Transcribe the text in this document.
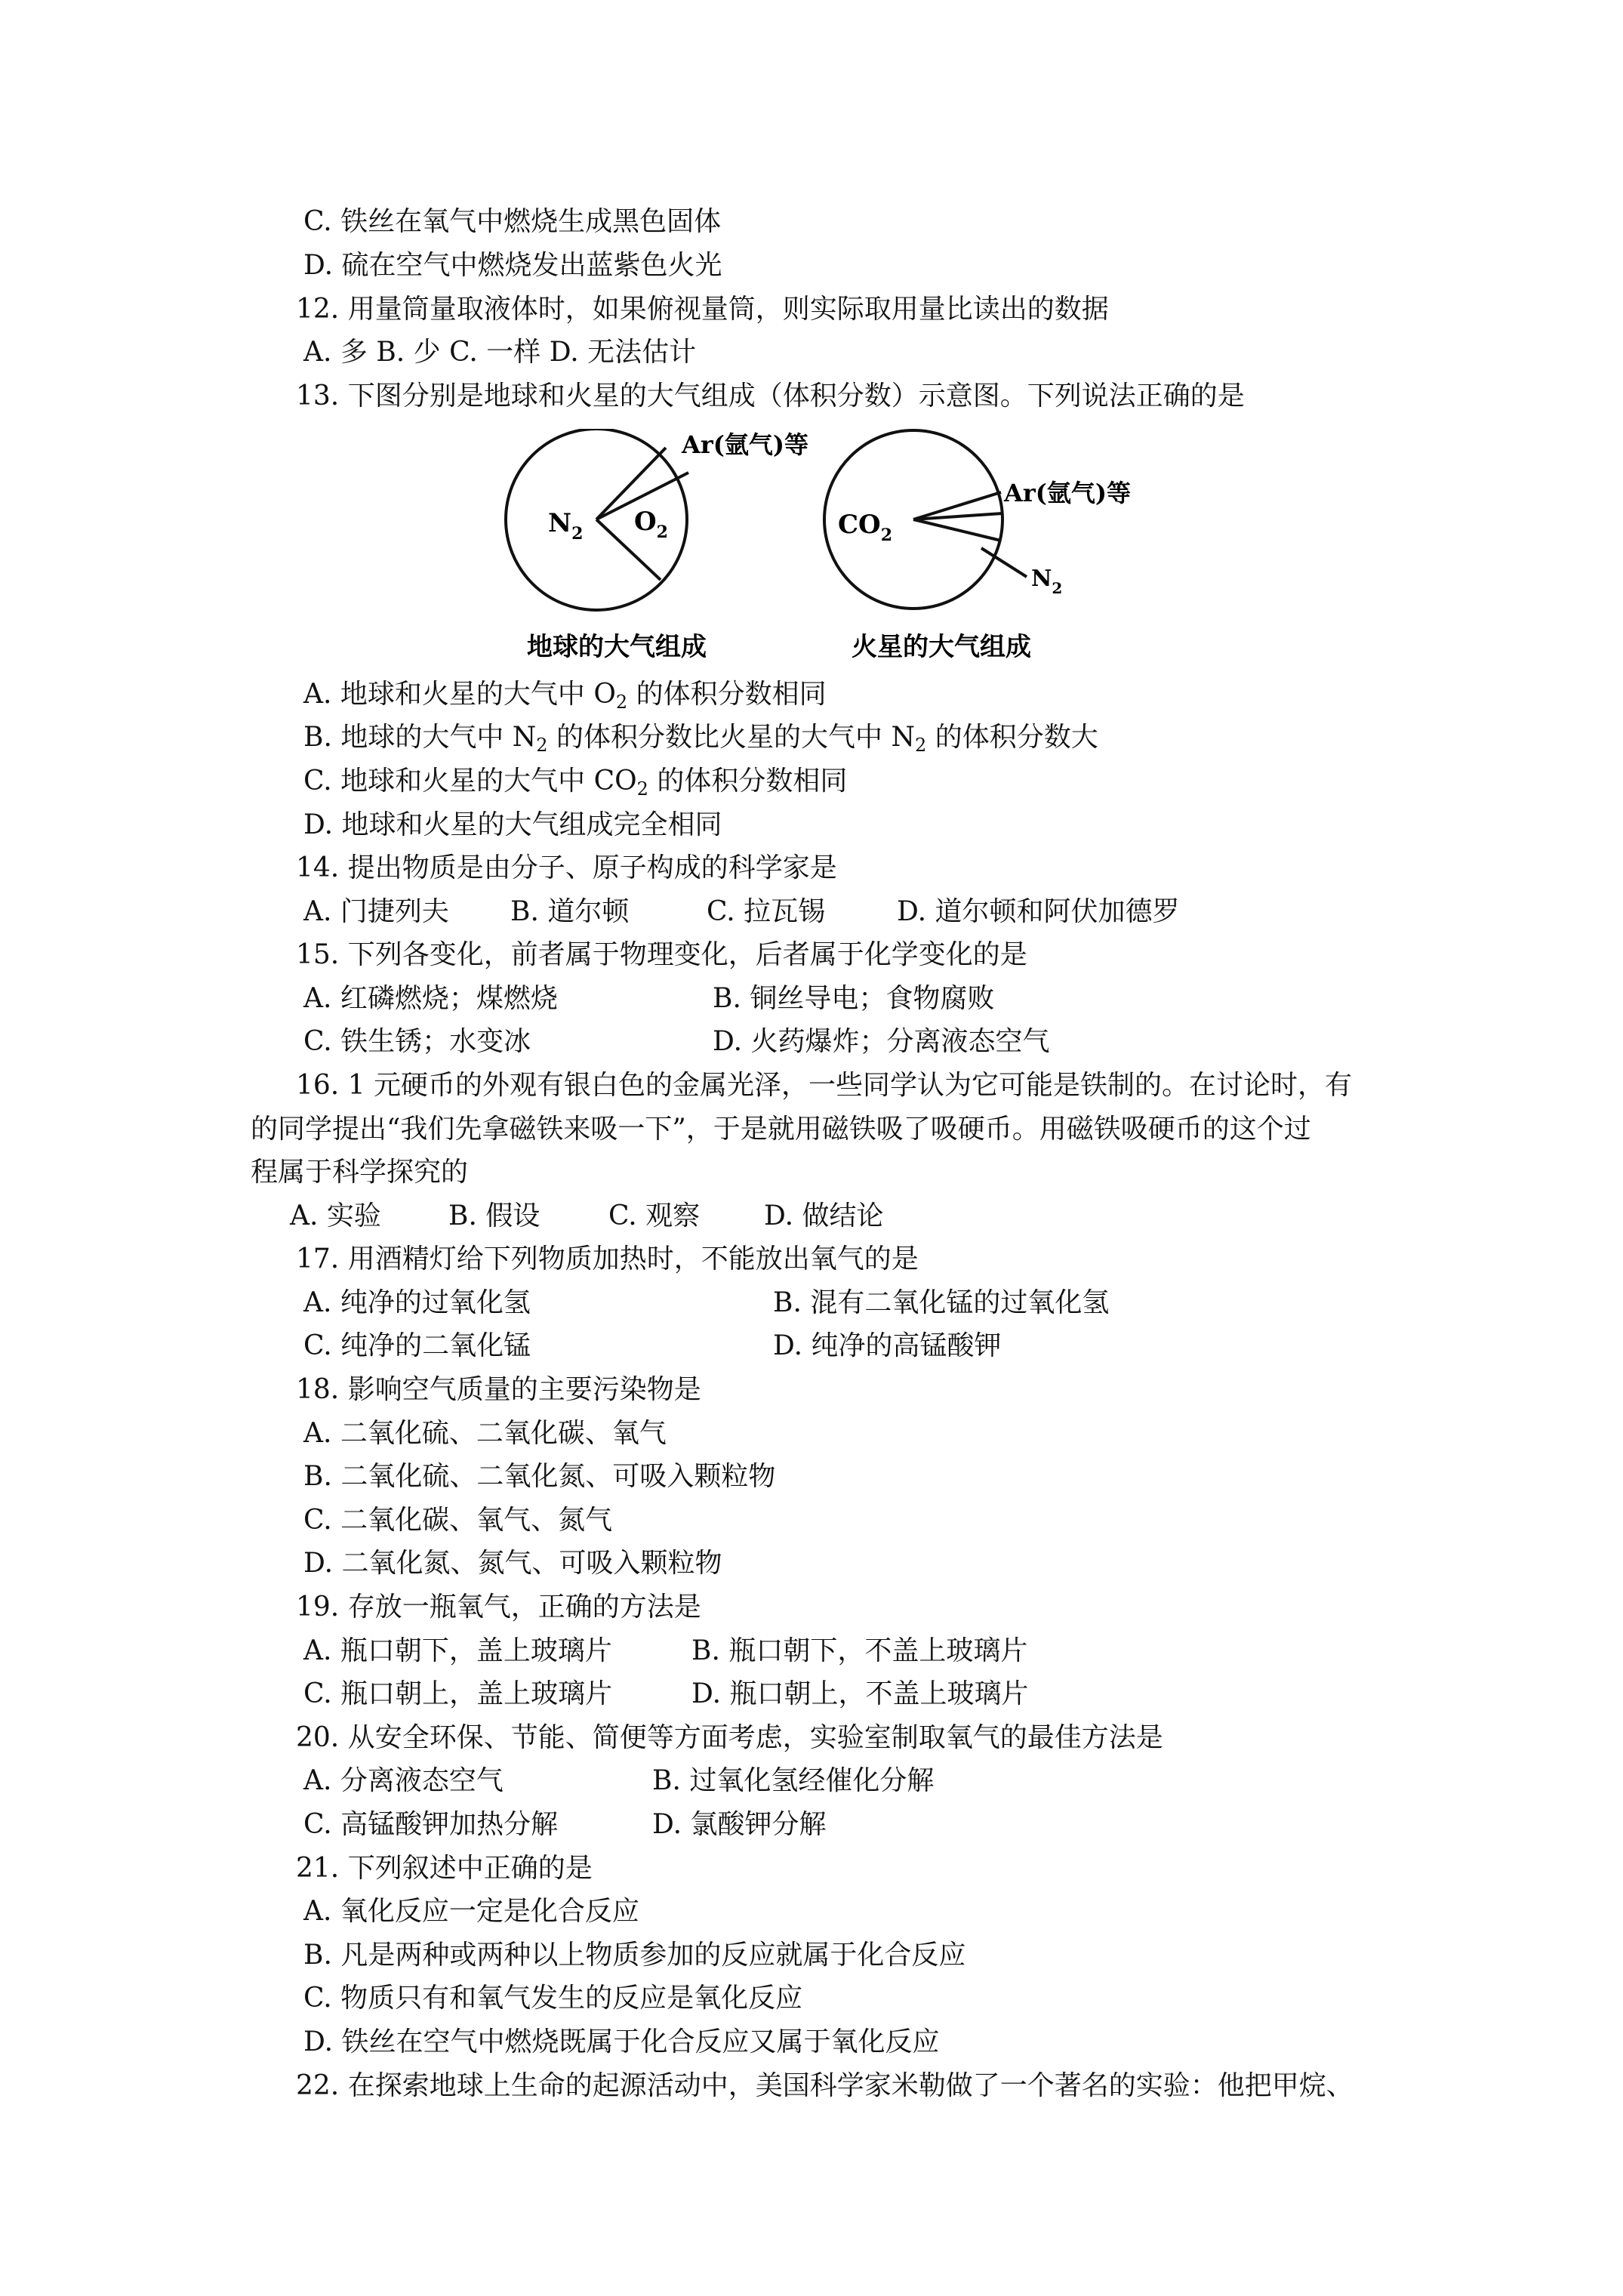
C. 铁丝在氧气中燃烧生成黑色固体
D. 硫在空气中燃烧发出蓝紫色火光
12. 用量筒量取液体时，如果俯视量筒，则实际取用量比读出的数据
A. 多 B. 少 C. 一样 D. 无法估计
13. 下图分别是地球和火星的大气组成（体积分数）示意图。下列说法正确的是
$N_2$ $O_2$
Ar(氩气)等
地球的大气组成
$CO_2$
Ar(氩气)等
$N_2$
火星的大气组成
A. 地球和火星的大气中 $O_2$ 的体积分数相同
B. 地球的大气中 $N_2$ 的体积分数比火星的大气中 $N_2$ 的体积分数大
C. 地球和火星的大气中 $CO_2$ 的体积分数相同
D. 地球和火星的大气组成完全相同
14. 提出物质是由分子、原子构成的科学家是
A. 门捷列夫 B. 道尔顿	C. 拉瓦锡	D. 道尔顿和阿伏加德罗
15. 下列各变化，前者属于物理变化，后者属于化学变化的是
A. 红磷燃烧；煤燃烧	B. 铜丝导电；食物腐败
C. 铁生锈；水变冰	D. 火药爆炸；分离液态空气
16. 1 元硬币的外观有银白色的金属光泽，一些同学认为它可能是铁制的。在讨论时，有
的同学提出“我们先拿磁铁来吸一下”，于是就用磁铁吸了吸硬币。用磁铁吸硬币的这个过
程属于科学探究的
A. 实验 B. 假设	C. 观察 D. 做结论
17. 用酒精灯给下列物质加热时，不能放出氧气的是
A. 纯净的过氧化氢	B. 混有二氧化锰的过氧化氢
C. 纯净的二氧化锰	D. 纯净的高锰酸钾
18. 影响空气质量的主要污染物是
A. 二氧化硫、二氧化碳、氧气
B. 二氧化硫、二氧化氮、可吸入颗粒物
C. 二氧化碳、氧气、氮气
D. 二氧化氮、氮气、可吸入颗粒物
19. 存放一瓶氧气，正确的方法是
A. 瓶口朝下，盖上玻璃片	B. 瓶口朝下，不盖上玻璃片
C. 瓶口朝上，盖上玻璃片	D. 瓶口朝上，不盖上玻璃片
20. 从安全环保、节能、简便等方面考虑，实验室制取氧气的最佳方法是
A. 分离液态空气	B. 过氧化氢经催化分解
C. 高锰酸钾加热分解	D. 氯酸钾分解
21. 下列叙述中正确的是
A. 氧化反应一定是化合反应
B. 凡是两种或两种以上物质参加的反应就属于化合反应
C. 物质只有和氧气发生的反应是氧化反应
D. 铁丝在空气中燃烧既属于化合反应又属于氧化反应
22. 在探索地球上生命的起源活动中，美国科学家米勒做了一个著名的实验：他把甲烷、
